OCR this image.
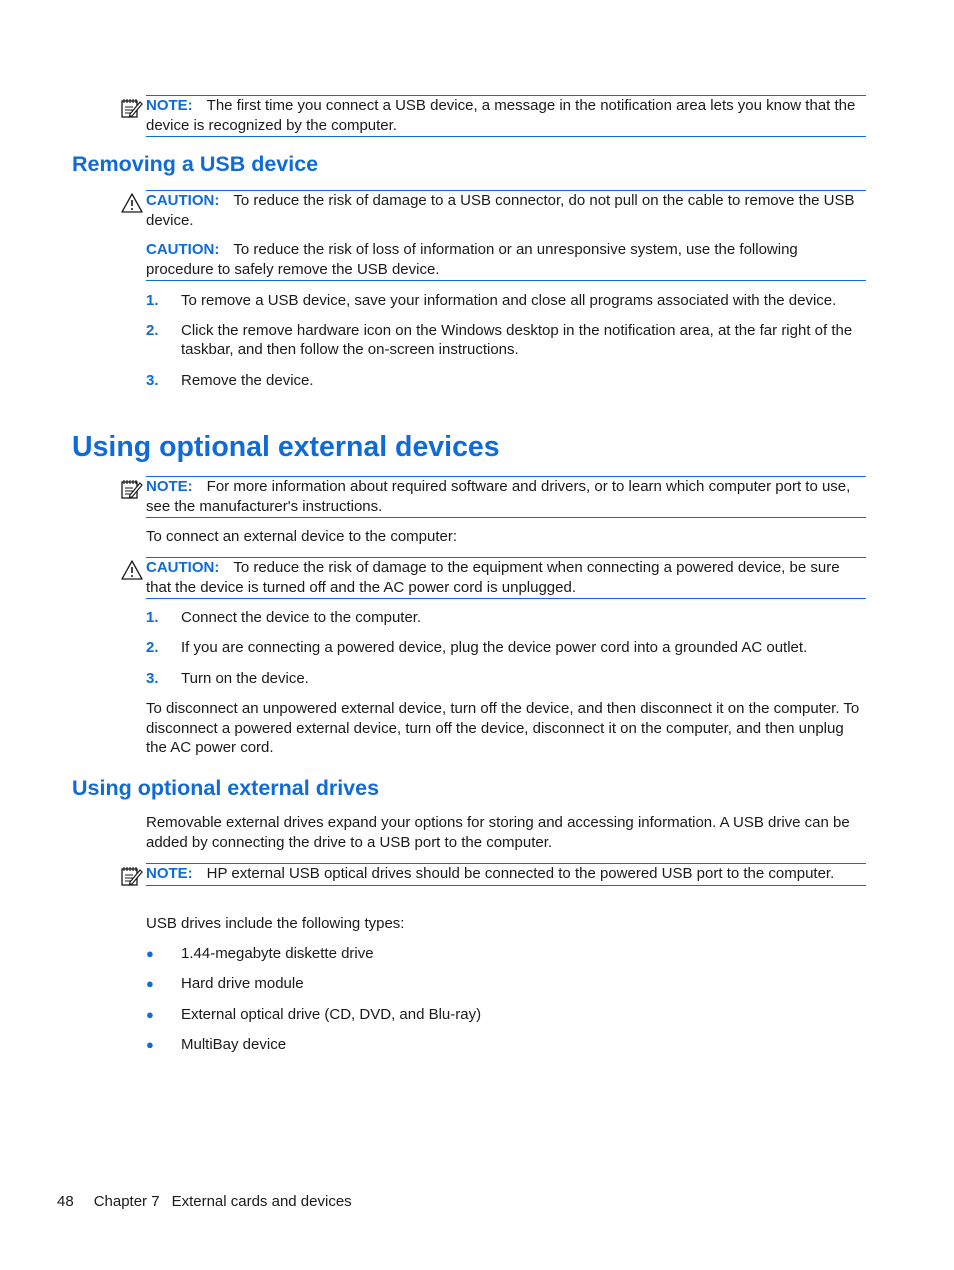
NOTE: The first time you connect a USB device, a message in the notification area lets you know that the device is recognized by the computer.

Removing a USB device

CAUTION: To reduce the risk of damage to a USB connector, do not pull on the cable to remove the USB device.

CAUTION: To reduce the risk of loss of information or an unresponsive system, use the following procedure to safely remove the USB device.

1. To remove a USB device, save your information and close all programs associated with the device.
2. Click the remove hardware icon on the Windows desktop in the notification area, at the far right of the taskbar, and then follow the on-screen instructions.
3. Remove the device.
Using optional external devices

NOTE: For more information about required software and drivers, or to learn which computer port to use, see the manufacturer's instructions.

To connect an external device to the computer:

CAUTION: To reduce the risk of damage to the equipment when connecting a powered device, be sure that the device is turned off and the AC power cord is unplugged.

1. Connect the device to the computer.
2. If you are connecting a powered device, plug the device power cord into a grounded AC outlet.
3. Turn on the device.

To disconnect an unpowered external device, turn off the device, and then disconnect it on the computer. To disconnect a powered external device, turn off the device, disconnect it on the computer, and then unplug the AC power cord.

Using optional external drives

Removable external drives expand your options for storing and accessing information. A USB drive can be added by connecting the drive to a USB port to the computer.

NOTE: HP external USB optical drives should be connected to the powered USB port to the computer.

USB drives include the following types:

● 1.44-megabyte diskette drive
● Hard drive module
● External optical drive (CD, DVD, and Blu-ray)
● MultiBay device
48 Chapter 7 External cards and devices
